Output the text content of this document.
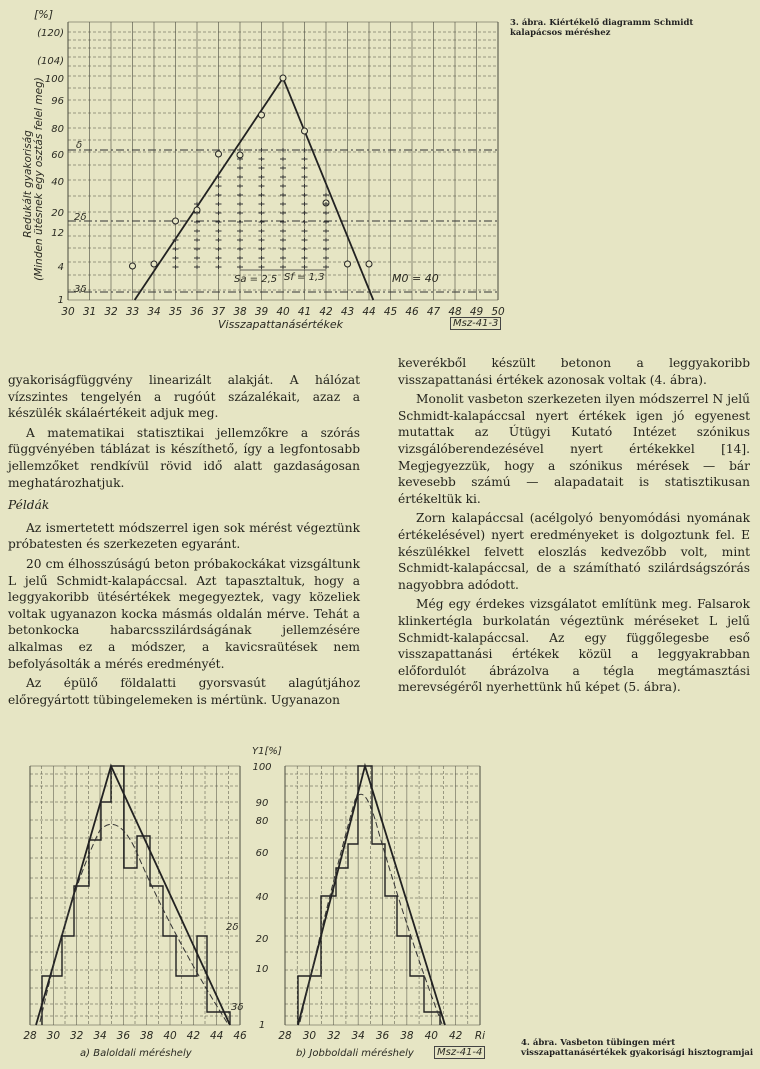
30 31 32 33 34 35 36 37 38 39 40 41 42 43 44 45 46 47 48 49 50
(120)
(104)
100
96
80
60
40
20
12
4
1
[%]
Visszapattanásértékek	Msz-41-3
Redukált gyakoriság (Minden ütésnek egy osztás felel meg)	Sa = 2,5 Sf = 1,3	M0 = 40
δ
2δ
3δ
3. ábra. Kiértékelő diagramm Schmidt kalapácsos méréshez

gyakoriságfüggvény linearizált alakját. A hálózat vízszintes tengelyén a rugóút százalékait, azaz a készülék skálaértékeit adjuk meg.

A matematikai statisztikai jellemzőkre a szórás függvényében táblázat is készíthető, így a legfontosabb jellemzőket rendkívül rövid idő alatt gazdaságosan meghatározhatjuk.

Példák

Az ismertetett módszerrel igen sok mérést végeztünk próbatesten és szerkezeten egyaránt.

20 cm élhosszúságú beton próbakockákat vizsgáltunk L jelű Schmidt-kalapáccsal. Azt tapasztaltuk, hogy a leggyakoribb ütésértékek megegyeztek, vagy közeliek voltak ugyanazon kocka másmás oldalán mérve. Tehát a betonkocka habarcsszilárdságának jellemzésére alkalmas ez a módszer, a kavicsraütések nem befolyásolták a mérés eredményét.

Az épülő földalatti gyorsvasút alagútjához előregyártott tübingelemeken is mértünk. Ugyanazon

keverékből készült betonon a leggyakoribb visszapattanási értékek azonosak voltak (4. ábra).

Monolit vasbeton szerkezeten ilyen módszerrel N jelű Schmidt-kalapáccsal nyert értékek igen jó egyenest mutattak az Útügyi Kutató Intézet szónikus vizsgálóberendezésével nyert értékekkel [14]. Megjegyezzük, hogy a szónikus mérések — bár kevesebb számú — alapadatait is statisztikusan értékeltük ki.

Zorn kalapáccsal (acélgolyó benyomódási nyomának értékelésével) nyert eredményeket is dolgoztunk fel. E készülékkel felvett eloszlás kedvezőbb volt, mint Schmidt-kalapáccsal, de a számítható szilárdságszórás nagyobbra adódott.

Még egy érdekes vizsgálatot említünk meg. Falsarok klinkertégla burkolatán végeztünk méréseket L jelű Schmidt-kalapáccsal. Az egy függőlegesbe eső visszapattanási értékek közül a leggyakrabban előfordulót ábrázolva a tégla megtámasztási merevségéről nyerhettünk hű képet (5. ábra).

28 30 32 34 36 38 40 42 44 46	28 30 32 34 36 38 40 42 Ri
100
90
80
60
40
20
10
1
Y1[%]
a) Baloldali méréshely	b) Jobboldali méréshely	Msz-41-4
2δ
3δ
4. ábra. Vasbeton tübingen mért visszapattanásértékek gyakorisági hisztogramjai
